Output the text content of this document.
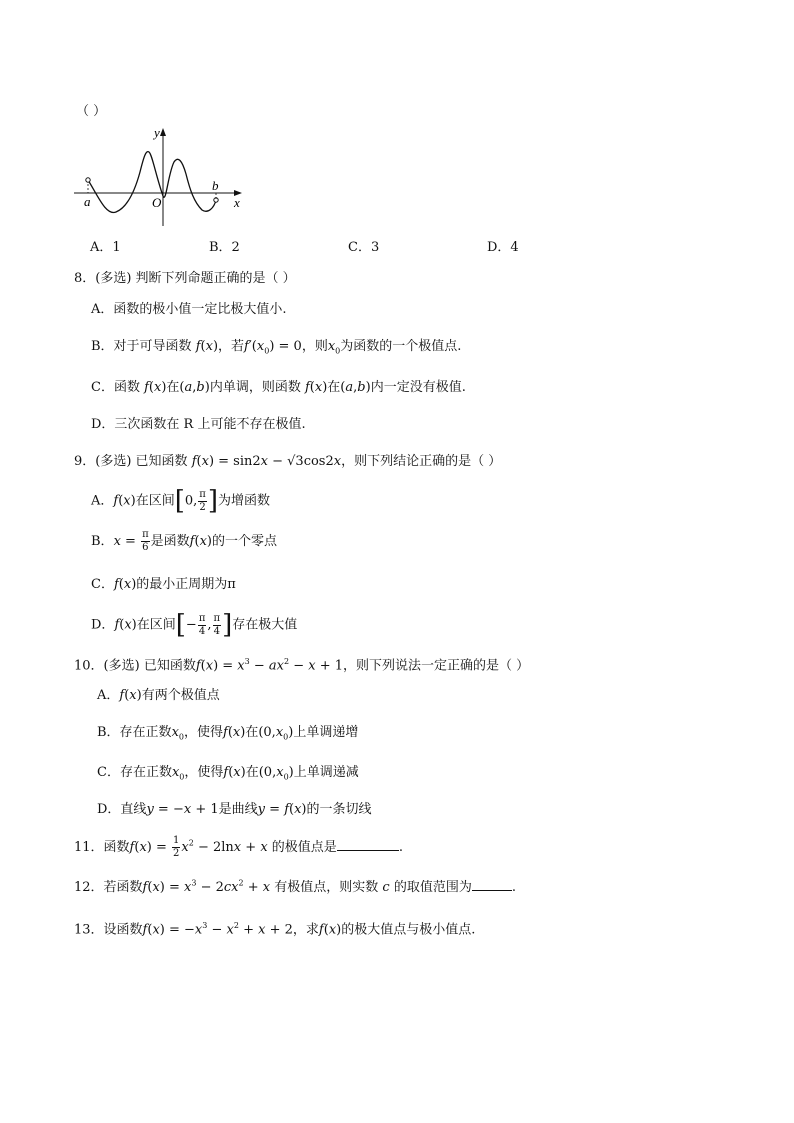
（ ）
y
x
O
a
b
A．1	B．2	C．3	D．4
8．(多选) 判断下列命题正确的是（ ）
A．函数的极小值一定比极大值小.
B．对于可导函数 f(x)，若$f'(x_0) = 0$，则$x_0$为函数的一个极值点.
C．函数 f(x)在(a,b)内单调，则函数 f(x)在(a,b)内一定没有极值.
D．三次函数在 R 上可能不存在极值.
9．(多选) 已知函数 f(x) = sin2x − √3cos2x，则下列结论正确的是（ ）
A．f(x)在区间[0, $\frac{\pi}{2}$ ]为增函数
B．$x = \frac{\pi}{6}$ 是函数f(x)的一个零点
C．f(x)的最小正周期为π
D．f(x)在区间[− $\frac{\pi}{4}$ , $\frac{\pi}{4}$ ]存在极大值
10．(多选) 已知函数$f(x) = x^3 - ax^2 - x + 1$，则下列说法一定正确的是（ ）
A．f(x)有两个极值点
B．存在正数$x_0$，使得f(x)在$(0,x_0)$上单调递增
C．存在正数$x_0$，使得f(x)在$(0,x_0)$上单调递减
D．直线y = −x + 1是曲线y = f(x)的一条切线
11．函数$f(x) = \frac{1}{2} x^2 - 2\ln x + x$ 的极值点是	.
12．若函数$f(x) = x^3 - 2cx^2 + x$ 有极值点，则实数 c 的取值范围为	.
13．设函数$f(x) = -x^3 - x^2 + x + 2$，求f(x)的极大值点与极小值点.
